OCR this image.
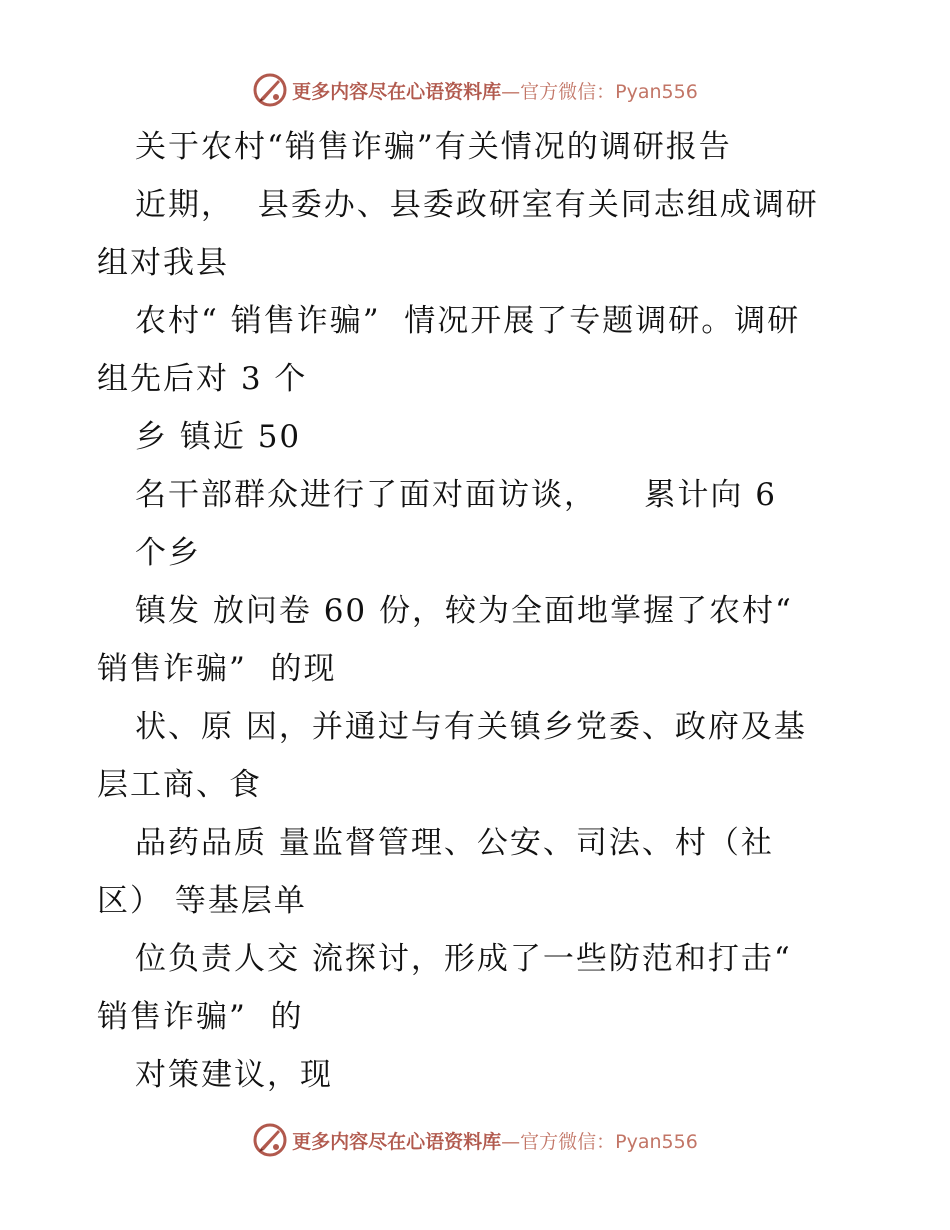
更多内容尽在心语资料库 —官方微信：Pyan556
关于农村“销售诈骗”有关情况的调研报告
近期，  县委办、县委政研室有关同志组成调研
组对我县
农村“ 销售诈骗”  情况开展了专题调研。调研
组先后对 3 个
乡 镇近 50
名干部群众进行了面对面访谈，    累计向 6
个乡
镇发 放问卷 60 份，较为全面地掌握了农村“
销售诈骗”  的现
状、原 因，并通过与有关镇乡党委、政府及基
层工商、食
品药品质 量监督管理、公安、司法、村（社
区） 等基层单
位负责人交 流探讨，形成了一些防范和打击“
销售诈骗”  的
对策建议，现
更多内容尽在心语资料库 —官方微信：Pyan556
